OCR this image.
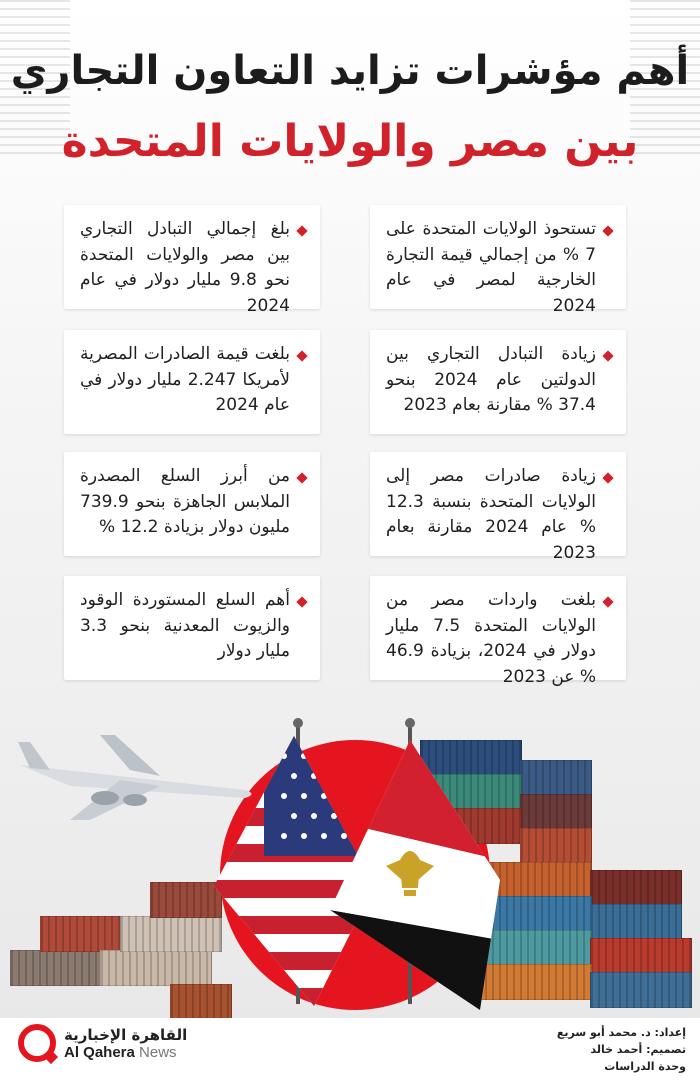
أهم مؤشرات تزايد التعاون التجاري
بين مصر والولايات المتحدة
تستحوذ الولايات المتحدة على 7 % من إجمالي قيمة التجارة الخارجية لمصر في عام 2024
بلغ إجمالي التبادل التجاري بين مصر والولايات المتحدة نحو 9.8 مليار دولار في عام 2024
زيادة التبادل التجاري بين الدولتين عام 2024 بنحو 37.4 % مقارنة بعام 2023
بلغت قيمة الصادرات المصرية لأمريكا 2.247 مليار دولار في عام 2024
زيادة صادرات مصر إلى الولايات المتحدة بنسبة 12.3 % عام 2024 مقارنة بعام 2023
من أبرز السلع المصدرة الملابس الجاهزة بنحو 739.9 مليون دولار بزيادة 12.2 %
بلغت واردات مصر من الولايات المتحدة 7.5 مليار دولار في 2024، بزيادة 46.9 % عن 2023
أهم السلع المستوردة الوقود والزيوت المعدنية بنحو 3.3 مليار دولار
القاهرة الإخبارية
Al Qahera News
إعداد: د. محمد أبو سريع
تصميم: أحمد خالد
وحدة الدراسات
